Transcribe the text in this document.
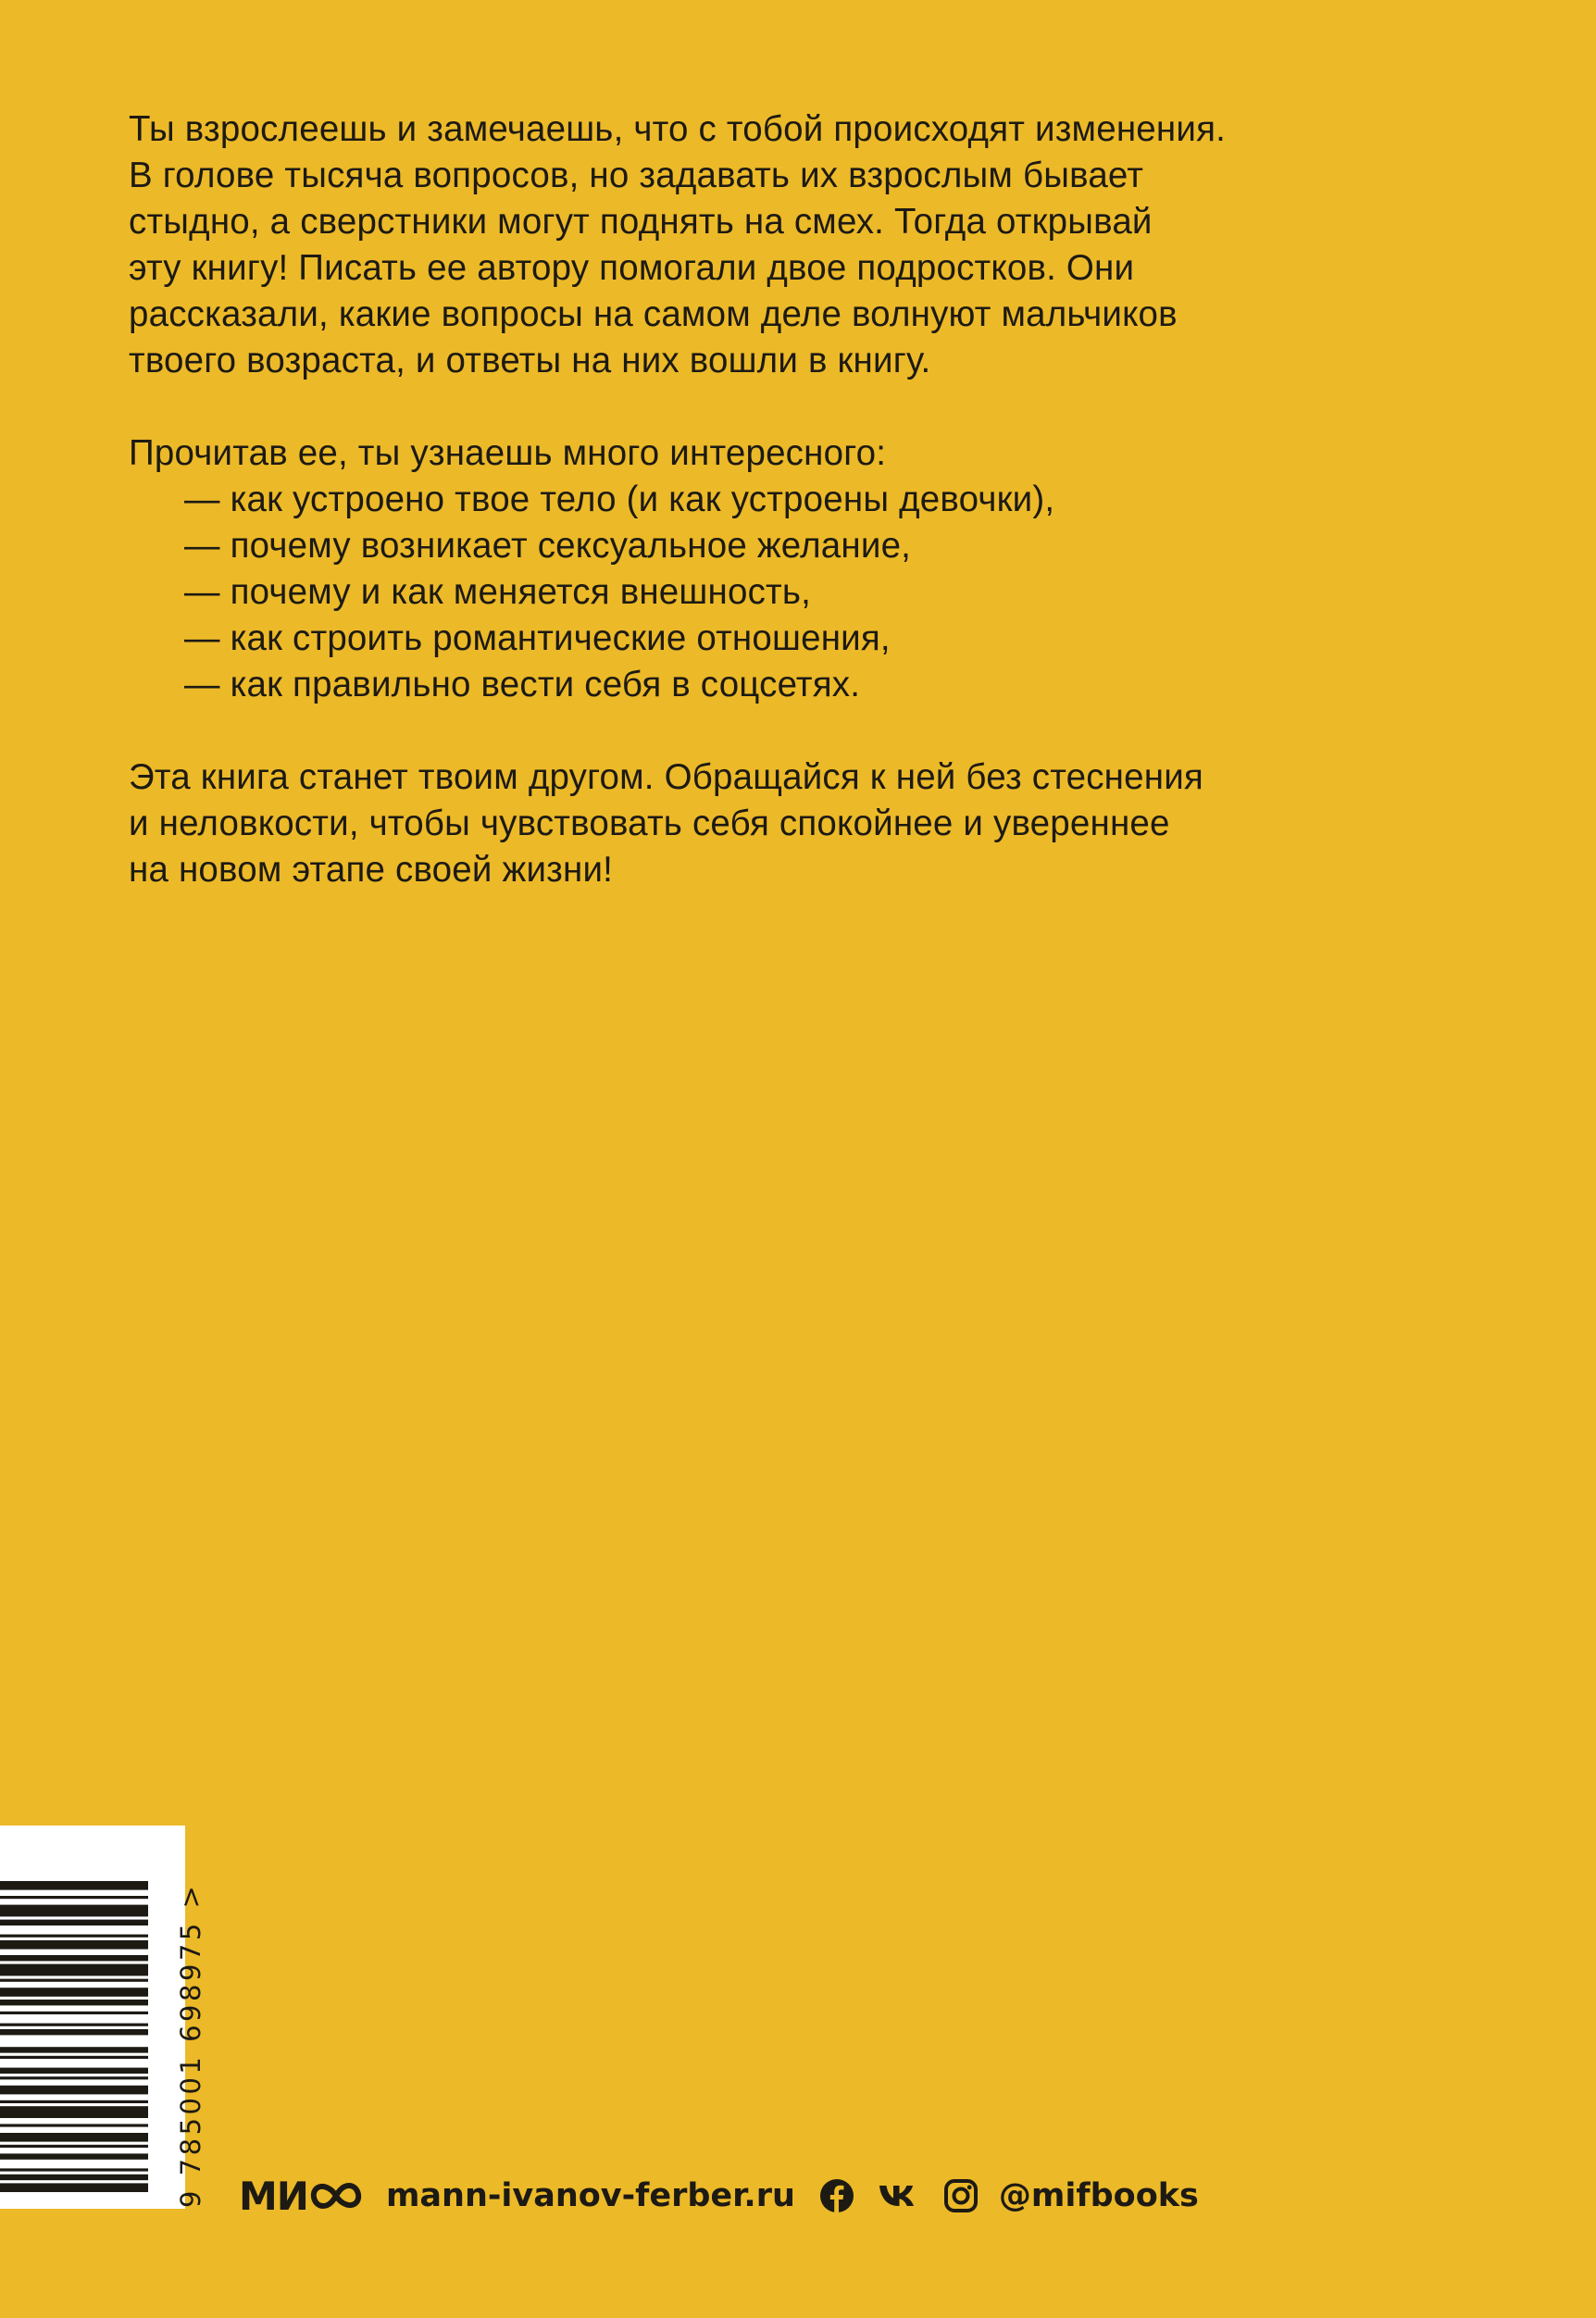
Ты взрослеешь и замечаешь, что с тобой происходят изменения.

В голове тысяча вопросов, но задавать их взрослым бывает

стыдно, а сверстники могут поднять на смех. Тогда открывай

эту книгу! Писать ее автору помогали двое подростков. Они

рассказали, какие вопросы на самом деле волнуют мальчиков

твоего возраста, и ответы на них вошли в книгу.

Прочитав ее, ты узнаешь много интересного:

— как устроено твое тело (и как устроены девочки),

— почему возникает сексуальное желание,

— почему и как меняется внешность,

— как строить романтические отношения,

— как правильно вести себя в соцсетях.

Эта книга станет твоим другом. Обращайся к ней без стеснения

и неловкости, чтобы чувствовать себя спокойнее и увереннее

на новом этапе своей жизни!

9 785001 698975 > МИ mann-ivanov-ferber.ru	@mifbooks
